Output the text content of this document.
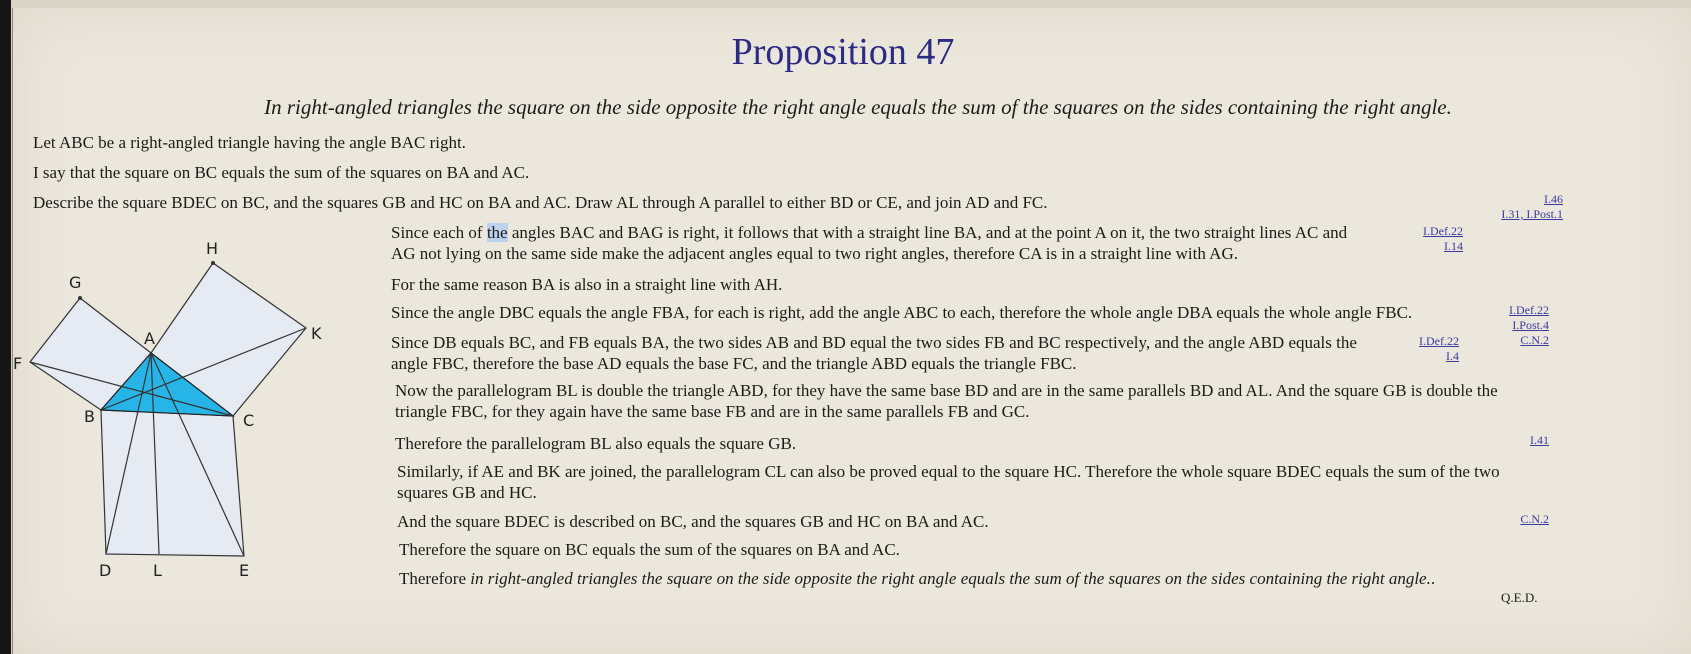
Proposition 47
In right-angled triangles the square on the side opposite the right angle equals the sum of the squares on the sides containing the right angle.

Let ABC be a right-angled triangle having the angle BAC right.

I say that the square on BC equals the sum of the squares on BA and AC.

Describe the square BDEC on BC, and the squares GB and HC on BA and AC. Draw AL through A parallel to either BD or CE, and join AD and FC.	I.46
I.31, I.Post.1

Since each of the angles BAC and BAG is right, it follows that with a straight line BA, and at the point A on it, the two straight lines AC and
AG not lying on the same side make the adjacent angles equal to two right angles, therefore CA is in a straight line with AG.

I.Def.22
I.14

For the same reason BA is also in a straight line with AH.

Since the angle DBC equals the angle FBA, for each is right, add the angle ABC to each, therefore the whole angle DBA equals the whole angle FBC.	I.Def.22
I.Post.4
C.N.2

Since DB equals BC, and FB equals BA, the two sides AB and BD equal the two sides FB and BC respectively, and the angle ABD equals the
angle FBC, therefore the base AD equals the base FC, and the triangle ABD equals the triangle FBC.

I.Def.22
I.4

Now the parallelogram BL is double the triangle ABD, for they have the same base BD and are in the same parallels BD and AL. And the square GB is double the
triangle FBC, for they again have the same base FB and are in the same parallels FB and GC.

Therefore the parallelogram BL also equals the square GB.	I.41

Similarly, if AE and BK are joined, the parallelogram CL can also be proved equal to the square HC. Therefore the whole square BDEC equals the sum of the two
squares GB and HC.

And the square BDEC is described on BC, and the squares GB and HC on BA and AC.	C.N.2

Therefore the square on BC equals the sum of the squares on BA and AC.

Therefore in right-angled triangles the square on the side opposite the right angle equals the sum of the squares on the sides containing the right angle..

Q.E.D.
A
B	C
D	E
F
G
H
K
L
